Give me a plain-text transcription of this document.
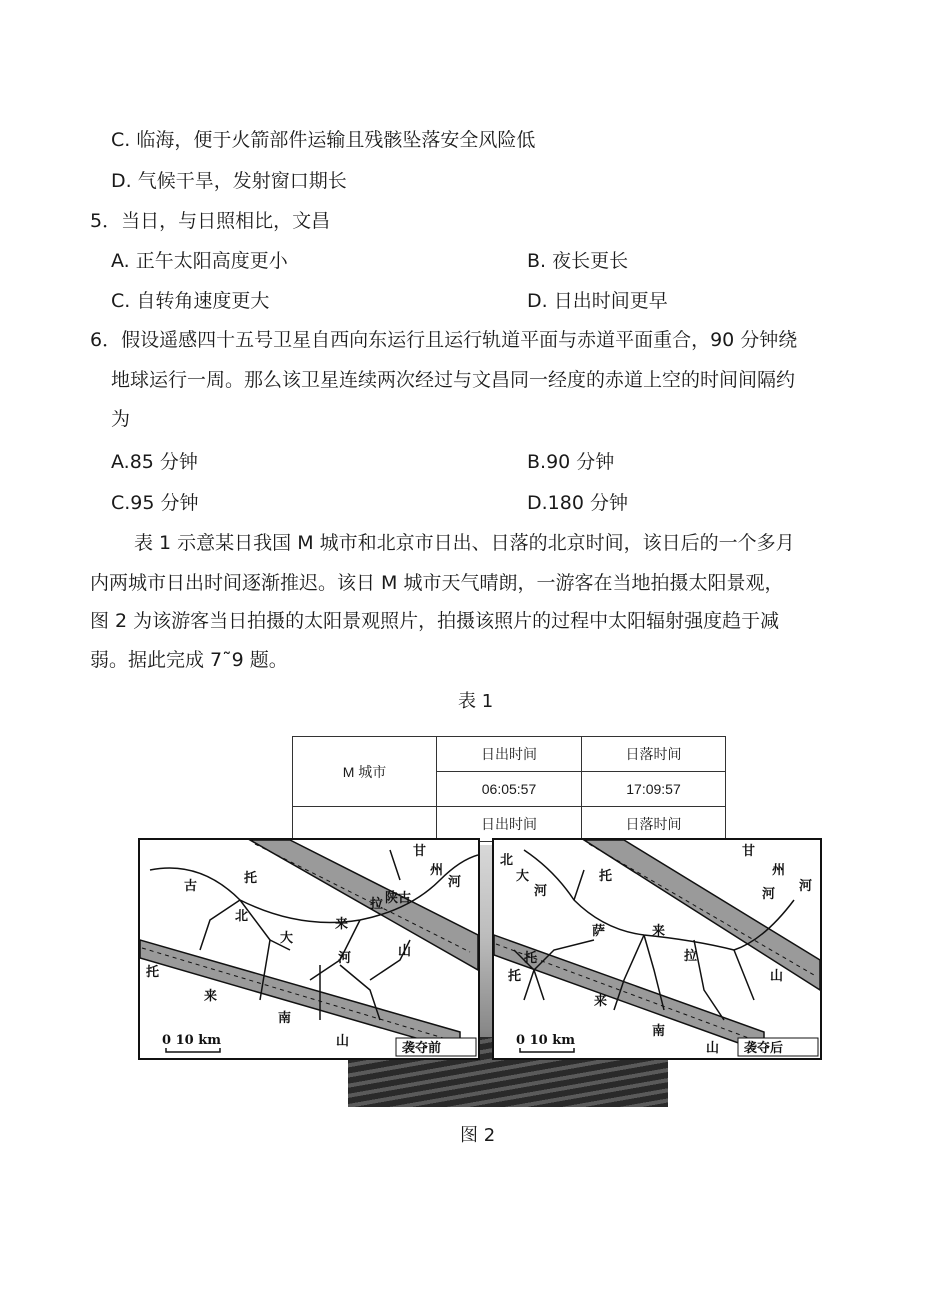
C. 临海，便于火箭部件运输且残骸坠落安全风险低
D. 气候干旱，发射窗口期长
5．当日，与日照相比，文昌
A. 正午太阳高度更小	B. 夜长更长
C. 自转角速度更大	D. 日出时间更早
6．假设遥感四十五号卫星自西向东运行且运行轨道平面与赤道平面重合，90 分钟绕
地球运行一周。那么该卫星连续两次经过与文昌同一经度的赤道上空的时间间隔约
为
A.85 分钟	B.90 分钟
C.95 分钟	D.180 分钟
表 1 示意某日我国 M 城市和北京市日出、日落的北京时间，该日后的一个多月
内两城市日出时间逐渐推迟。该日 M 城市天气晴朗，一游客在当地拍摄太阳景观，
图 2 为该游客当日拍摄的太阳景观照片，拍摄该照片的过程中太阳辐射强度趋于减
弱。据此完成 7˜9 题。
表 1
M 城市	日出时间	日落时间
	06:05:57	17:09:57
	日出时间	日落时间
甘
州
河
古
托
北
大
来
拉 陕古
河	山
托
来
南
山
0 10 km
袭夺前
甘
州
河
河
北
大
河
托
萨	来
拉
山
托
托
来
南
山
0 10 km
袭夺后
图 2
